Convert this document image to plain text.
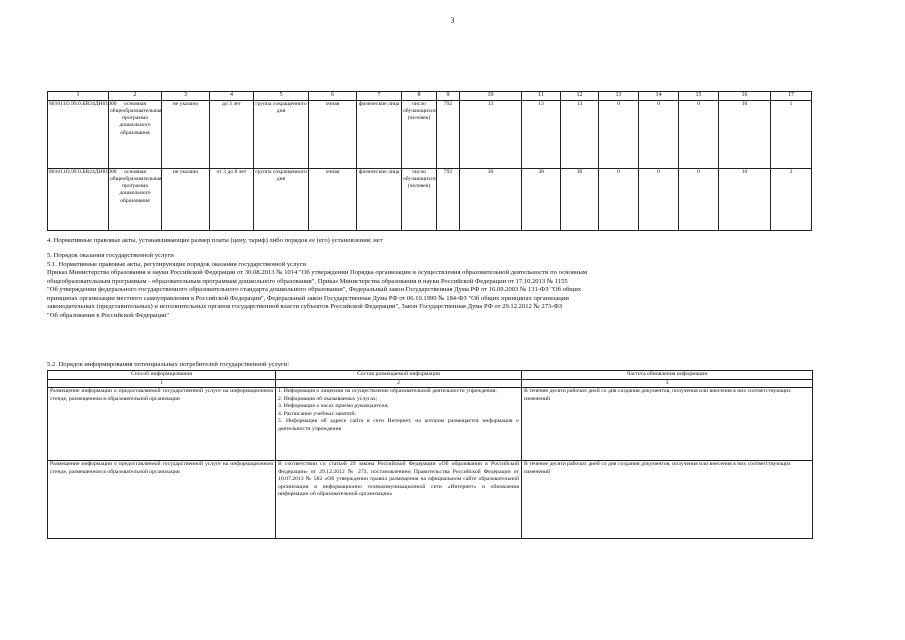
3
1	2	3	4	5	6	7	8	9	10	11	12	13	14	15	16	17
801011О.99.0.БВ24ДН01000	основная общеобразовательная программа дошкольного образования	не указано	до 3 лет	группа сокращенного дня	очная	физические лица	число обучающихся (человек)	792	13	13	13	0	0	0	10	1
801011О.99.0.БВ24ДН81000	основная общеобразовательная программа дошкольного образования	не указано	от 3 до 8 лет	группа сокращенного дня	очная	физические лица	число обучающихся (человек)	792	30	30	30	0	0	0	10	3
4. Нормативные правовые акты, устанавливающие размер платы (цену, тариф) либо порядок ее (его) установления: нет

5. Порядок оказания государственной услуги

5.1. Нормативные правовые акты, регулирующие порядок оказания государственной услуги

Приказ Министерства образования и науки Российской Федерации от 30.08.2013 № 1014 "Об утверждении Порядка организации и осуществления образовательной деятельности по основным

общеобразовательным программам - образовательным программам дошкольного образования", Приказ Министерства образования и науки Российской Федерации от 17.10.2013 № 1155

"Об утверждении федерального государственного образовательного стандарта дошкольного образования", Федеральный закон Государственная Дума РФ от 16.09.2003 № 131-ФЗ "Об общих

принципах организации местного самоуправления в Российской Федерации", Федеральный закон Государственная Дума РФ от 06.10.1999 № 184-ФЗ "Об общих принципах организации

законодательных (представительных) и исполнительных органов государственной власти субъектов Российской Федерации", Закон Государственная Дума РФ от 29.12.2012 № 273-ФЗ

"Об образовании в Российской Федерации"

5.2. Порядок информирования потенциальных потребителей государственной услуги:
Способ информирования	Состав размещаемой информации	Частота обновления информации
1	2	3
Размещение информации о предоставляемой государственной услуге на информационном стенде, размещенном в образовательной организации	1. Информация о лицензии на осуществление образовательной деятельности учреждения;
2. Информация об оказываемых услугах;
3. Информация о часах приема руководителя;
4. Расписание учебных занятий;
5. Информация об адресе сайта в сети Интернет, на котором размещается информация о деятельности учреждения	В течение десяти рабочих дней со дня создания документов, получения или внесения в них соответствующих изменений
Размещение информации о предоставляемой государственной услуге на информационном стенде, размещенном в образовательной организации	В соответствии со статьей 29 закона Российской Федерации «Об образовании в Российской Федерации» от 29.12.2012 № 273, постановлением Правительства Российской Федерации от 10.07.2013 № 582 «Об утверждении правил размещения на официальном сайте образовательной организации в информационно телекоммуникационной сети «Интернет» и обновления информации об образовательной организации»	В течение десяти рабочих дней со дня создания документов, получения или внесения в них соответствующих изменений
